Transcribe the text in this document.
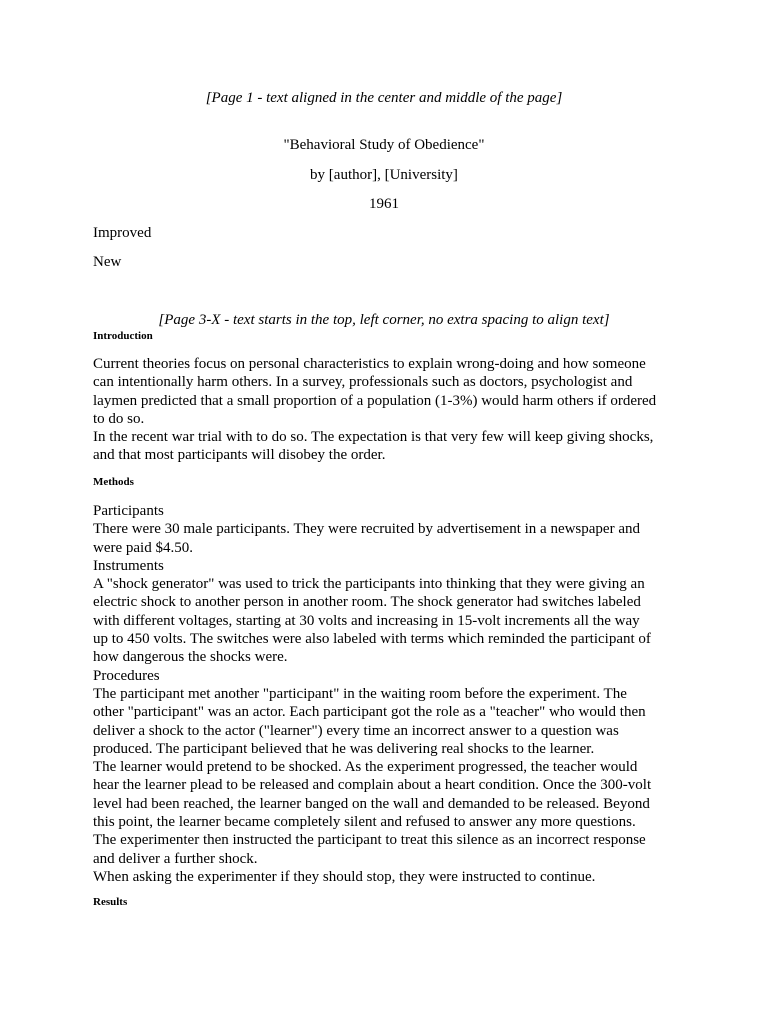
[Page 1 - text aligned in the center and middle of the page]
"Behavioral Study of Obedience"
by [author], [University]
1961
Improved
New
[Page 3-X - text starts in the top, left corner, no extra spacing to align text]
Introduction
Current theories focus on personal characteristics to explain wrong-doing and how someone
can intentionally harm others. In a survey, professionals such as doctors, psychologist and
laymen predicted that a small proportion of a population (1-3%) would harm others if ordered
to do so.
In the recent war trial with to do so. The expectation is that very few will keep giving shocks,
and that most participants will disobey the order.
Methods
Participants
There were 30 male participants. They were recruited by advertisement in a newspaper and
were paid $4.50.
Instruments
A "shock generator" was used to trick the participants into thinking that they were giving an
electric shock to another person in another room. The shock generator had switches labeled
with different voltages, starting at 30 volts and increasing in 15-volt increments all the way
up to 450 volts. The switches were also labeled with terms which reminded the participant of
how dangerous the shocks were.
Procedures
The participant met another "participant" in the waiting room before the experiment. The
other "participant" was an actor. Each participant got the role as a "teacher" who would then
deliver a shock to the actor ("learner") every time an incorrect answer to a question was
produced. The participant believed that he was delivering real shocks to the learner.
The learner would pretend to be shocked. As the experiment progressed, the teacher would
hear the learner plead to be released and complain about a heart condition. Once the 300-volt
level had been reached, the learner banged on the wall and demanded to be released. Beyond
this point, the learner became completely silent and refused to answer any more questions.
The experimenter then instructed the participant to treat this silence as an incorrect response
and deliver a further shock.
When asking the experimenter if they should stop, they were instructed to continue.
Results
